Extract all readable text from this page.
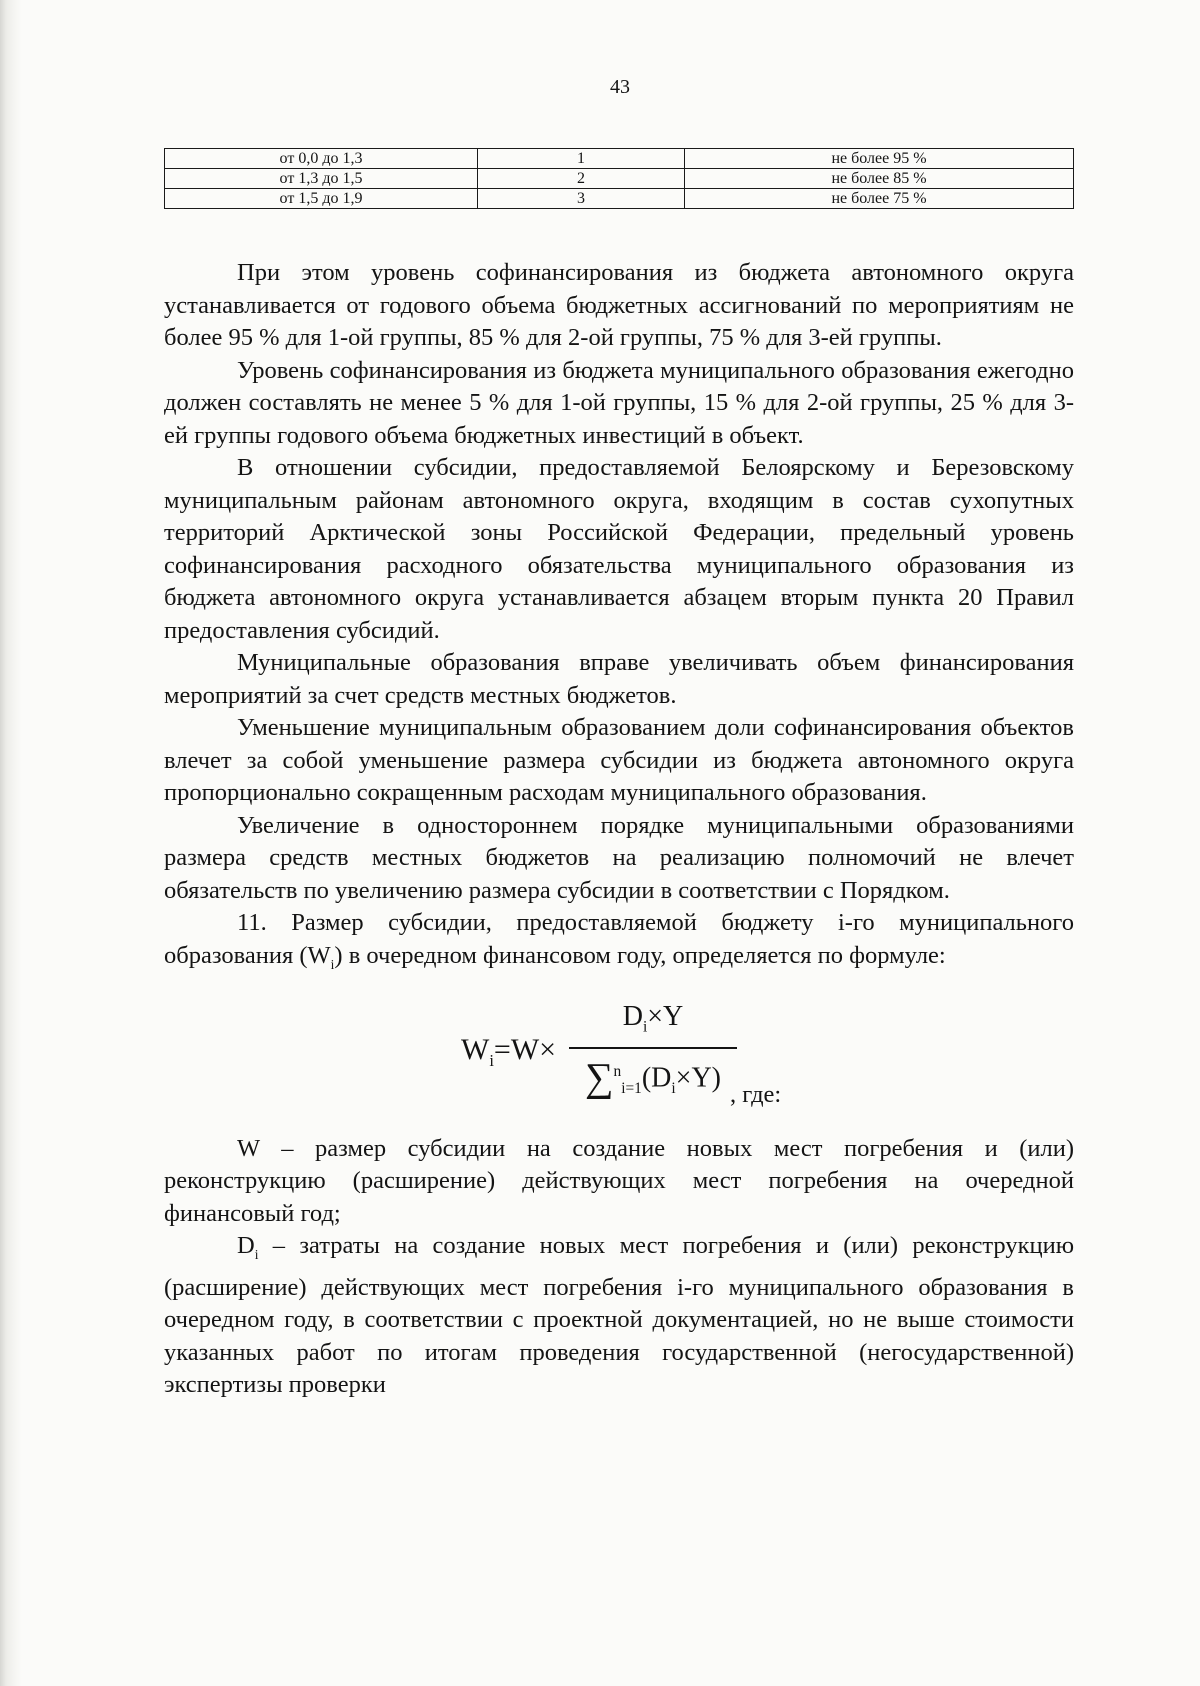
43
от 0,0 до 1,3	1	не более 95 %
от 1,3 до 1,5	2	не более 85 %
от 1,5 до 1,9	3	не более 75 %

При этом уровень софинансирования из бюджета автономного округа устанавливается от годового объема бюджетных ассигнований по мероприятиям не более 95 % для 1-ой группы, 85 % для 2-ой группы, 75 % для 3-ей группы.

Уровень софинансирования из бюджета муниципального образования ежегодно должен составлять не менее 5 % для 1-ой группы, 15 % для 2-ой группы, 25 % для 3-ей группы годового объема бюджетных инвестиций в объект.

В отношении субсидии, предоставляемой Белоярскому и Березовскому муниципальным районам автономного округа, входящим в состав сухопутных территорий Арктической зоны Российской Федерации, предельный уровень софинансирования расходного обязательства муниципального образования из бюджета автономного округа устанавливается абзацем вторым пункта 20 Правил предоставления субсидий.

Муниципальные образования вправе увеличивать объем финансирования мероприятий за счет средств местных бюджетов.

Уменьшение муниципальным образованием доли софинансирования объектов влечет за собой уменьшение размера субсидии из бюджета автономного округа пропорционально сокращенным расходам муниципального образования.

Увеличение в одностороннем порядке муниципальными образованиями размера средств местных бюджетов на реализацию полномочий не влечет обязательств по увеличению размера субсидии в соответствии с Порядком.

11. Размер субсидии, предоставляемой бюджету i-го муниципального образования $(W_i)$ в очередном финансовом году, определяется по формуле:

$W_i=W\times$
$D_i\times Y$
$\sum^n_{i=1}(D_i\times Y)$
, где:

W – размер субсидии на создание новых мест погребения и (или) реконструкцию (расширение) действующих мест погребения на очередной финансовый год;

$D_i$ – затраты на создание новых мест погребения и (или) реконструкцию (расширение) действующих мест погребения i-го муниципального образования в очередном году, в соответствии с проектной документацией, но не выше стоимости указанных работ по итогам проведения государственной (негосударственной) экспертизы проверки
